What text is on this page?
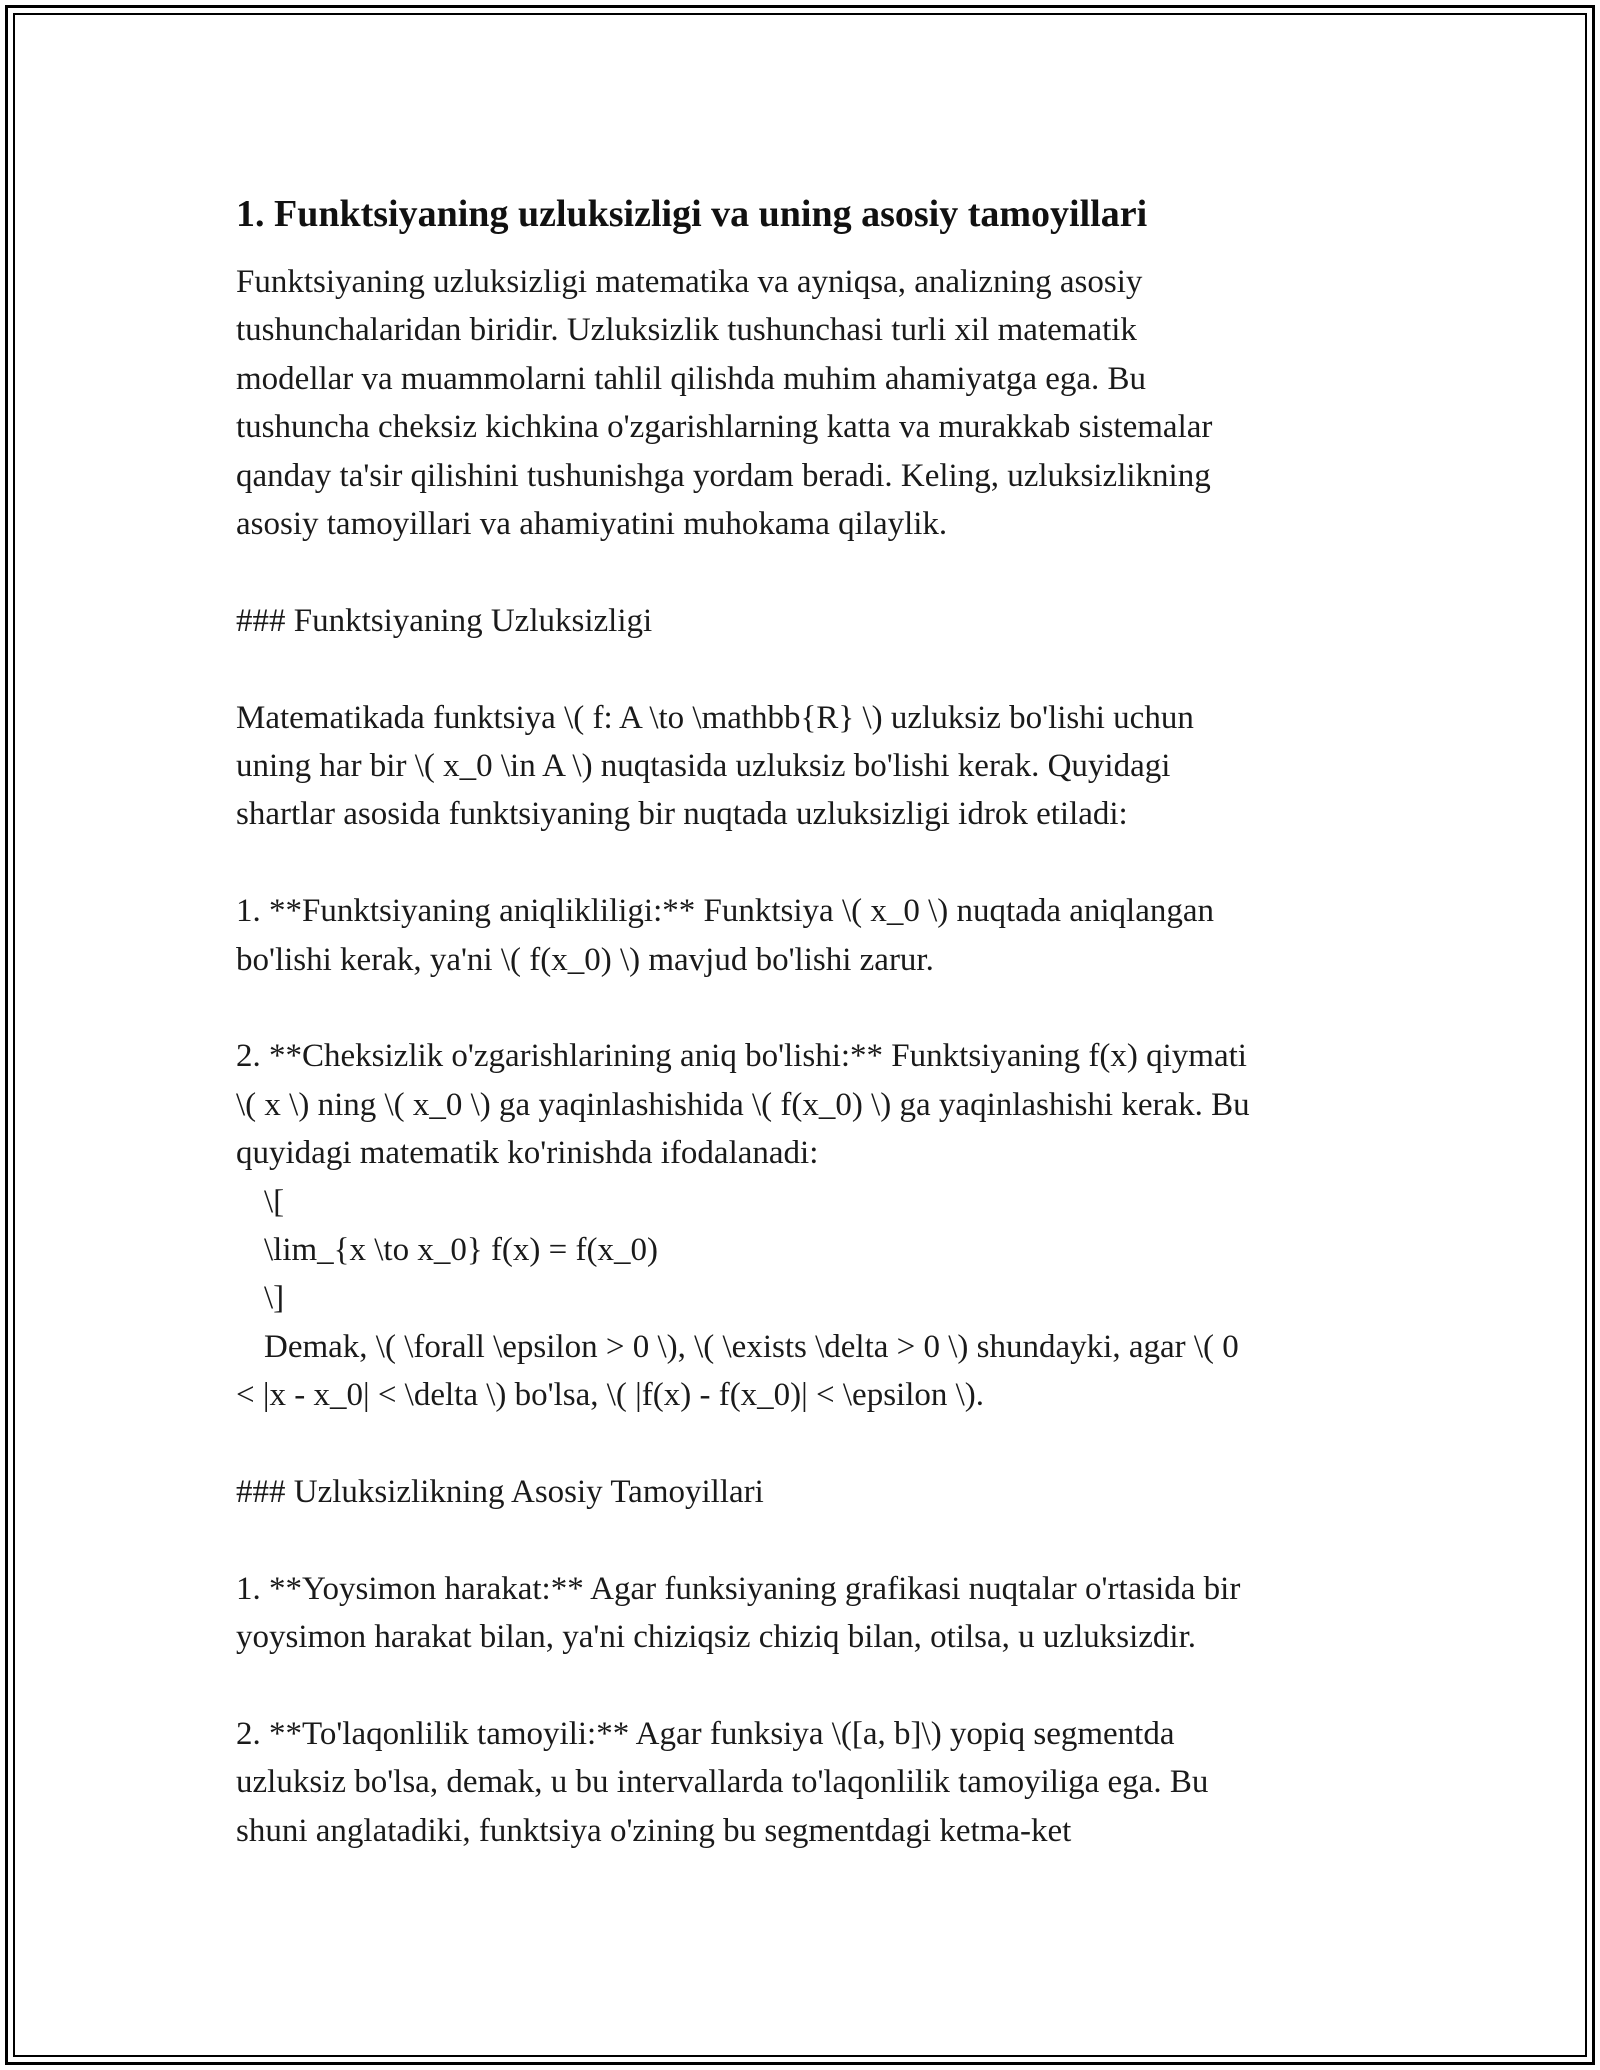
1. Funktsiyaning uzluksizligi va uning asosiy tamoyillari
Funktsiyaning uzluksizligi matematika va ayniqsa, analizning asosiy
tushunchalaridan biridir. Uzluksizlik tushunchasi turli xil matematik
modellar va muammolarni tahlil qilishda muhim ahamiyatga ega. Bu
tushuncha cheksiz kichkina o'zgarishlarning katta va murakkab sistemalar
qanday ta'sir qilishini tushunishga yordam beradi. Keling, uzluksizlikning
asosiy tamoyillari va ahamiyatini muhokama qilaylik.
### Funktsiyaning Uzluksizligi
Matematikada funktsiya \( f: A \to \mathbb{R} \) uzluksiz bo'lishi uchun
uning har bir \( x_0 \in A \) nuqtasida uzluksiz bo'lishi kerak. Quyidagi
shartlar asosida funktsiyaning bir nuqtada uzluksizligi idrok etiladi:
1. **Funktsiyaning aniqlikliligi:** Funktsiya \( x_0 \) nuqtada aniqlangan
bo'lishi kerak, ya'ni \( f(x_0) \) mavjud bo'lishi zarur.
2. **Cheksizlik o'zgarishlarining aniq bo'lishi:** Funktsiyaning f(x) qiymati
\( x \) ning \( x_0 \) ga yaqinlashishida \( f(x_0) \) ga yaqinlashishi kerak. Bu
quyidagi matematik ko'rinishda ifodalanadi:
\[
\lim_{x \to x_0} f(x) = f(x_0)
\]
Demak, \( \forall \epsilon > 0 \), \( \exists \delta > 0 \) shundayki, agar \( 0
< |x - x_0| < \delta \) bo'lsa, \( |f(x) - f(x_0)| < \epsilon \).
### Uzluksizlikning Asosiy Tamoyillari
1. **Yoysimon harakat:** Agar funksiyaning grafikasi nuqtalar o'rtasida bir
yoysimon harakat bilan, ya'ni chiziqsiz chiziq bilan, otilsa, u uzluksizdir.
2. **To'laqonlilik tamoyili:** Agar funksiya \([a, b]\) yopiq segmentda
uzluksiz bo'lsa, demak, u bu intervallarda to'laqonlilik tamoyiliga ega. Bu
shuni anglatadiki, funktsiya o'zining bu segmentdagi ketma-ket
